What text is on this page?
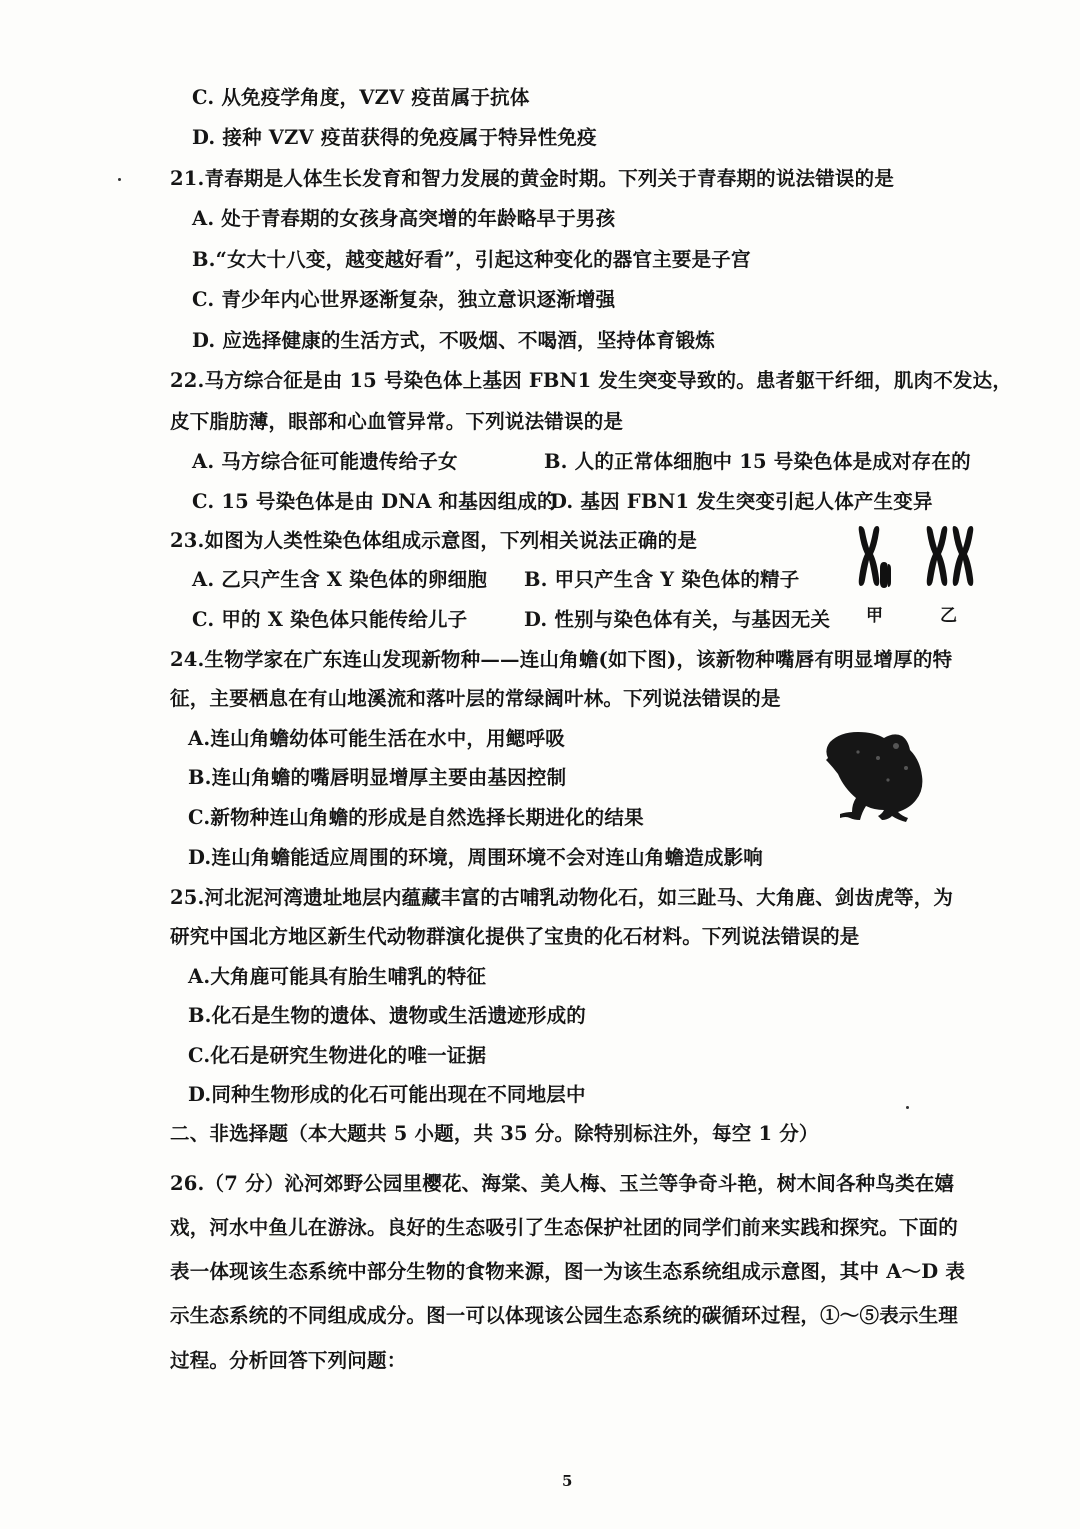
C. 从免疫学角度，VZV 疫苗属于抗体
D. 接种 VZV 疫苗获得的免疫属于特异性免疫
21.青春期是人体生长发育和智力发展的黄金时期。下列关于青春期的说法错误的是
A. 处于青春期的女孩身高突增的年龄略早于男孩
B.“女大十八变，越变越好看”，引起这种变化的器官主要是子宫
C. 青少年内心世界逐渐复杂，独立意识逐渐增强
D. 应选择健康的生活方式，不吸烟、不喝酒，坚持体育锻炼
22.马方综合征是由 15 号染色体上基因 FBN1 发生突变导致的。患者躯干纤细，肌肉不发达，
皮下脂肪薄，眼部和心血管异常。下列说法错误的是
A. 马方综合征可能遗传给子女	B. 人的正常体细胞中 15 号染色体是成对存在的
C. 15 号染色体是由 DNA 和基因组成的
D. 基因 FBN1 发生突变引起人体产生变异
23.如图为人类性染色体组成示意图，下列相关说法正确的是
A. 乙只产生含 X 染色体的卵细胞 B. 甲只产生含 Y 染色体的精子
C. 甲的 X 染色体只能传给儿子	D. 性别与染色体有关，与基因无关 甲	乙
24.生物学家在广东连山发现新物种——连山角蟾(如下图)，该新物种嘴唇有明显增厚的特
征，主要栖息在有山地溪流和落叶层的常绿阔叶林。下列说法错误的是
A.连山角蟾幼体可能生活在水中，用鳃呼吸
B.连山角蟾的嘴唇明显增厚主要由基因控制
C.新物种连山角蟾的形成是自然选择长期进化的结果
D.连山角蟾能适应周围的环境，周围环境不会对连山角蟾造成影响
25.河北泥河湾遗址地层内蕴藏丰富的古哺乳动物化石，如三趾马、大角鹿、剑齿虎等，为
研究中国北方地区新生代动物群演化提供了宝贵的化石材料。下列说法错误的是
A.大角鹿可能具有胎生哺乳的特征
B.化石是生物的遗体、遗物或生活遗迹形成的
C.化石是研究生物进化的唯一证据
D.同种生物形成的化石可能出现在不同地层中
二、非选择题（本大题共 5 小题，共 35 分。除特别标注外，每空 1 分）
26.（7 分）沁河郊野公园里樱花、海棠、美人梅、玉兰等争奇斗艳，树木间各种鸟类在嬉
戏，河水中鱼儿在游泳。良好的生态吸引了生态保护社团的同学们前来实践和探究。下面的
表一体现该生态系统中部分生物的食物来源，图一为该生态系统组成示意图，其中 A～D 表
示生态系统的不同组成成分。图一可以体现该公园生态系统的碳循环过程，①～⑤表示生理
过程。分析回答下列问题：
5
